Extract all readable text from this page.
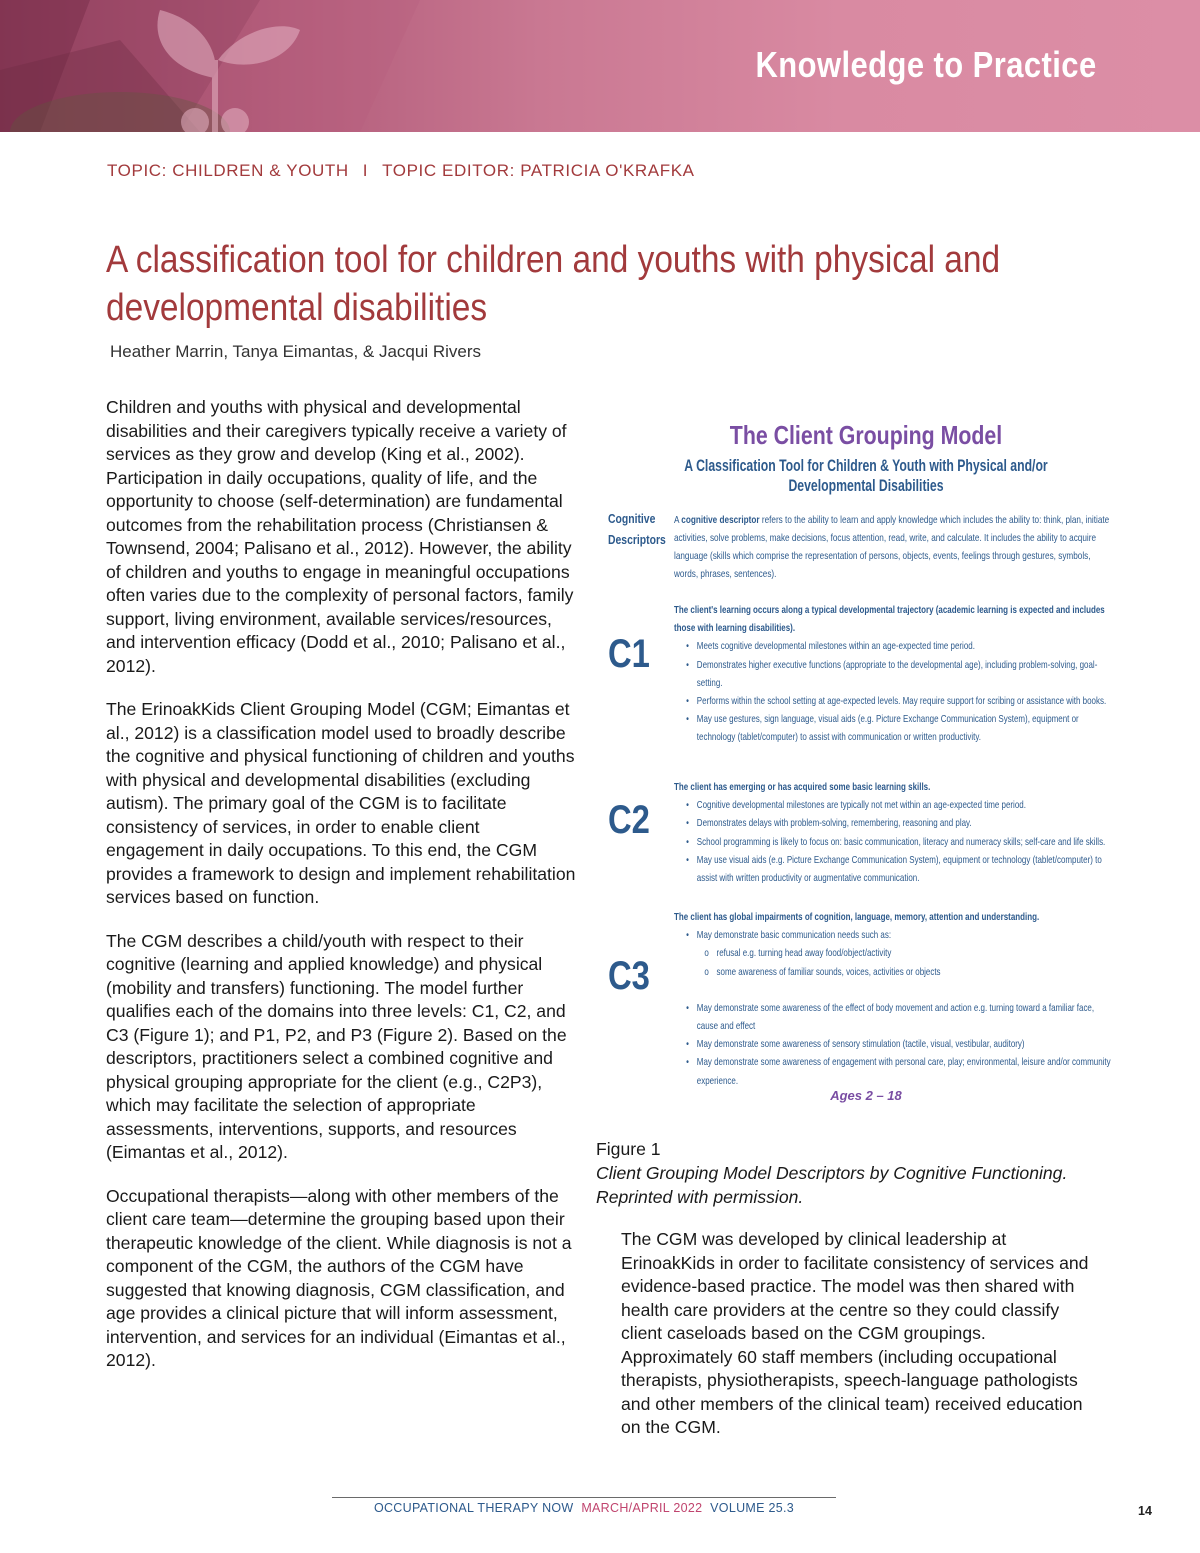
Knowledge to Practice
TOPIC: CHILDREN & YOUTH I TOPIC EDITOR: PATRICIA O'KRAFKA
A classification tool for children and youths with physical and
developmental disabilities
Heather Marrin, Tanya Eimantas, & Jacqui Rivers

Children and youths with physical and developmental disabilities and their caregivers typically receive a variety of services as they grow and develop (King et al., 2002). Participation in daily occupations, quality of life, and the opportunity to choose (self-determination) are fundamental outcomes from the rehabilitation process (Christiansen & Townsend, 2004; Palisano et al., 2012). However, the ability of children and youths to engage in meaningful occupations often varies due to the complexity of personal factors, family support, living environment, available services/resources, and intervention efficacy (Dodd et al., 2010; Palisano et al., 2012).

The ErinoakKids Client Grouping Model (CGM; Eimantas et al., 2012) is a classification model used to broadly describe the cognitive and physical functioning of children and youths with physical and developmental disabilities (excluding autism). The primary goal of the CGM is to facilitate consistency of services, in order to enable client engagement in daily occupations. To this end, the CGM provides a framework to design and implement rehabilitation services based on function.

The CGM describes a child/youth with respect to their cognitive (learning and applied knowledge) and physical (mobility and transfers) functioning. The model further qualifies each of the domains into three levels: C1, C2, and C3 (Figure 1); and P1, P2, and P3 (Figure 2). Based on the descriptors, practitioners select a combined cognitive and physical grouping appropriate for the client (e.g., C2P3), which may facilitate the selection of appropriate assessments, interventions, supports, and resources (Eimantas et al., 2012).

Occupational therapists—along with other members of the client care team—determine the grouping based upon their therapeutic knowledge of the client. While diagnosis is not a component of the CGM, the authors of the CGM have suggested that knowing diagnosis, CGM classification, and age provides a clinical picture that will inform assessment, intervention, and services for an individual (Eimantas et al., 2012).

The Client Grouping Model
A Classification Tool for Children & Youth with Physical and/or Developmental Disabilities
Cognitive
Descriptors
A cognitive descriptor refers to the ability to learn and apply knowledge which includes the ability to: think, plan, initiate activities, solve problems, make decisions, focus attention, read, write, and calculate. It includes the ability to acquire language (skills which comprise the representation of persons, objects, events, feelings through gestures, symbols, words, phrases, sentences).
C1
The client's learning occurs along a typical developmental trajectory (academic learning is expected and includes those with learning disabilities).
• Meets cognitive developmental milestones within an age-expected time period.
• Demonstrates higher executive functions (appropriate to the developmental age), including problem-solving, goal-setting.
• Performs within the school setting at age-expected levels. May require support for scribing or assistance with books.
• May use gestures, sign language, visual aids (e.g. Picture Exchange Communication System), equipment or technology (tablet/computer) to assist with communication or written productivity.
C2
The client has emerging or has acquired some basic learning skills.
• Cognitive developmental milestones are typically not met within an age-expected time period.
• Demonstrates delays with problem-solving, remembering, reasoning and play.
• School programming is likely to focus on: basic communication, literacy and numeracy skills; self-care and life skills.
• May use visual aids (e.g. Picture Exchange Communication System), equipment or technology (tablet/computer) to assist with written productivity or augmentative communication.
C3
The client has global impairments of cognition, language, memory, attention and understanding.
• May demonstrate basic communication needs such as:
o refusal e.g. turning head away food/object/activity
o some awareness of familiar sounds, voices, activities or objects
• May demonstrate some awareness of the effect of body movement and action e.g. turning toward a familiar face, cause and effect
• May demonstrate some awareness of sensory stimulation (tactile, visual, vestibular, auditory)
• May demonstrate some awareness of engagement with personal care, play; environmental, leisure and/or community experience.
Ages 2 – 18
Figure 1
Client Grouping Model Descriptors by Cognitive Functioning.
Reprinted with permission.

The CGM was developed by clinical leadership at ErinoakKids in order to facilitate consistency of services and evidence-based practice. The model was then shared with health care providers at the centre so they could classify client caseloads based on the CGM groupings. Approximately 60 staff members (including occupational therapists, physiotherapists, speech-language pathologists and other members of the clinical team) received education on the CGM.

OCCUPATIONAL THERAPY NOW MARCH/APRIL 2022 VOLUME 25.3	14
